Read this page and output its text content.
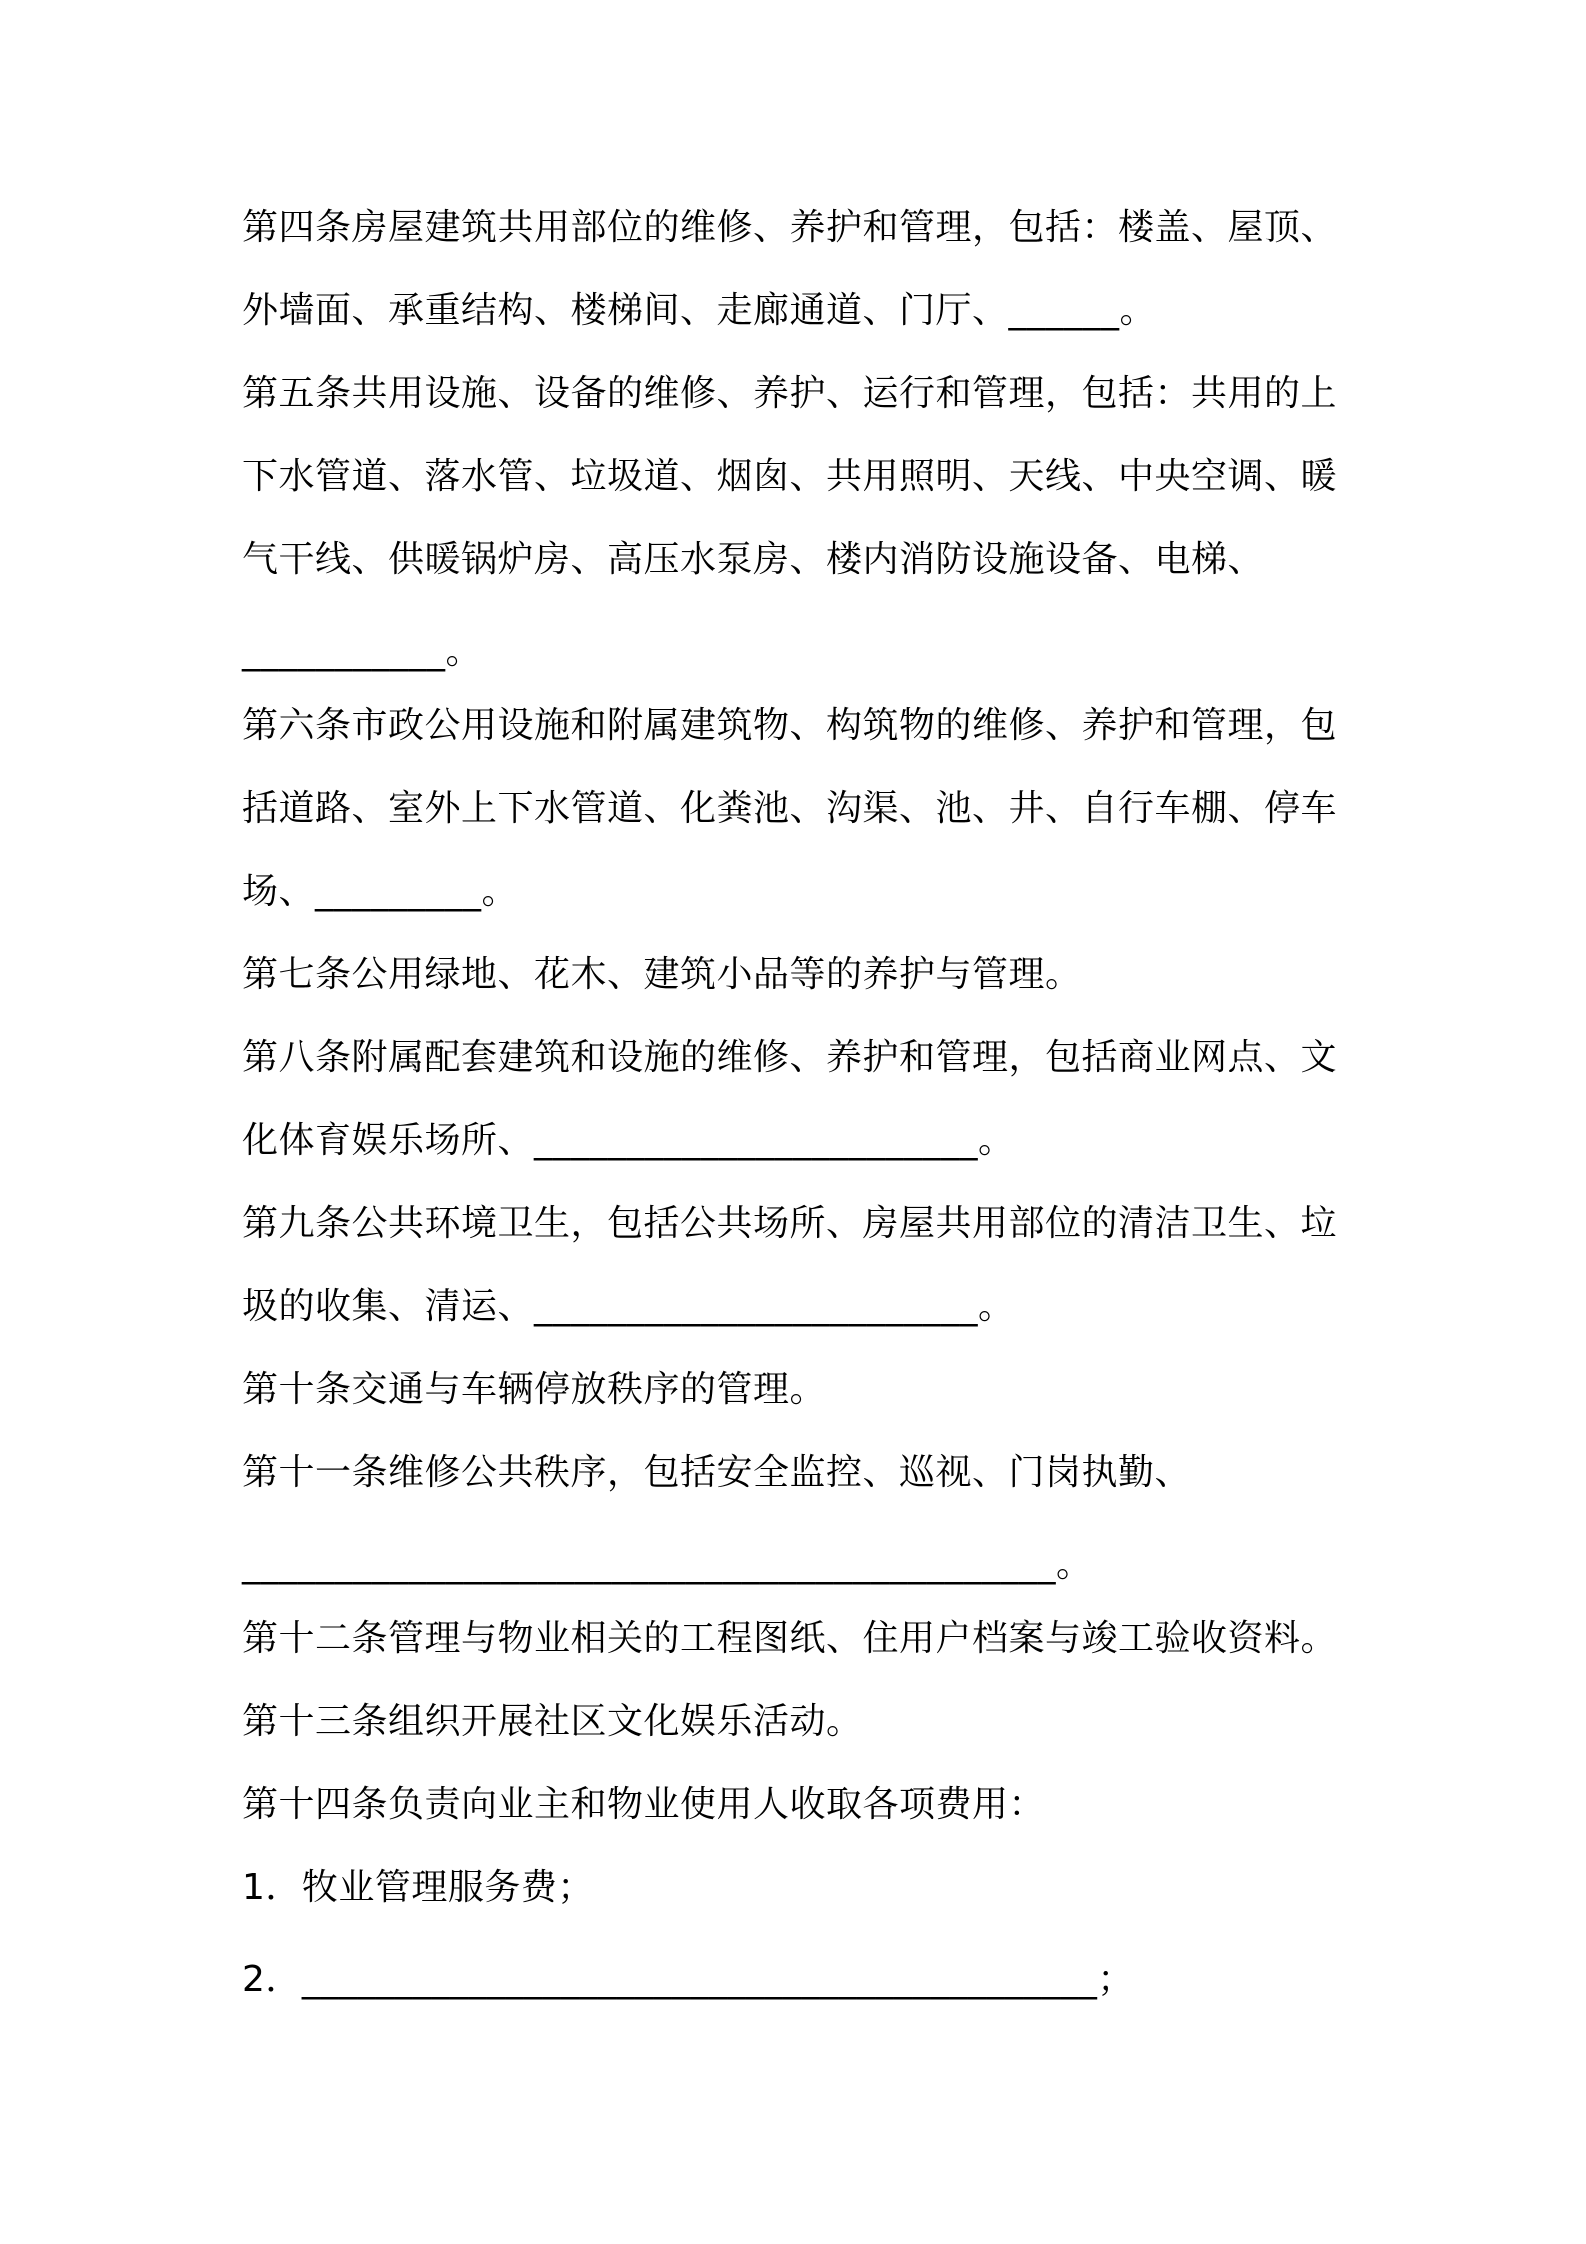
第四条房屋建筑共用部位的维修、养护和管理，包括：楼盖、屋顶、
外墙面、承重结构、楼梯间、走廊通道、门厅、______。
第五条共用设施、设备的维修、养护、运行和管理，包括：共用的上
下水管道、落水管、垃圾道、烟囱、共用照明、天线、中央空调、暖
气干线、供暖锅炉房、高压水泵房、楼内消防设施设备、电梯、
___________。
第六条市政公用设施和附属建筑物、构筑物的维修、养护和管理，包
括道路、室外上下水管道、化粪池、沟渠、池、井、自行车棚、停车
场、_________。
第七条公用绿地、花木、建筑小品等的养护与管理。
第八条附属配套建筑和设施的维修、养护和管理，包括商业网点、文
化体育娱乐场所、________________________。
第九条公共环境卫生，包括公共场所、房屋共用部位的清洁卫生、垃
圾的收集、清运、________________________。
第十条交通与车辆停放秩序的管理。
第十一条维修公共秩序，包括安全监控、巡视、门岗执勤、
____________________________________________。
第十二条管理与物业相关的工程图纸、住用户档案与竣工验收资料。
第十三条组织开展社区文化娱乐活动。
第十四条负责向业主和物业使用人收取各项费用：
1．牧业管理服务费；
2．___________________________________________；
